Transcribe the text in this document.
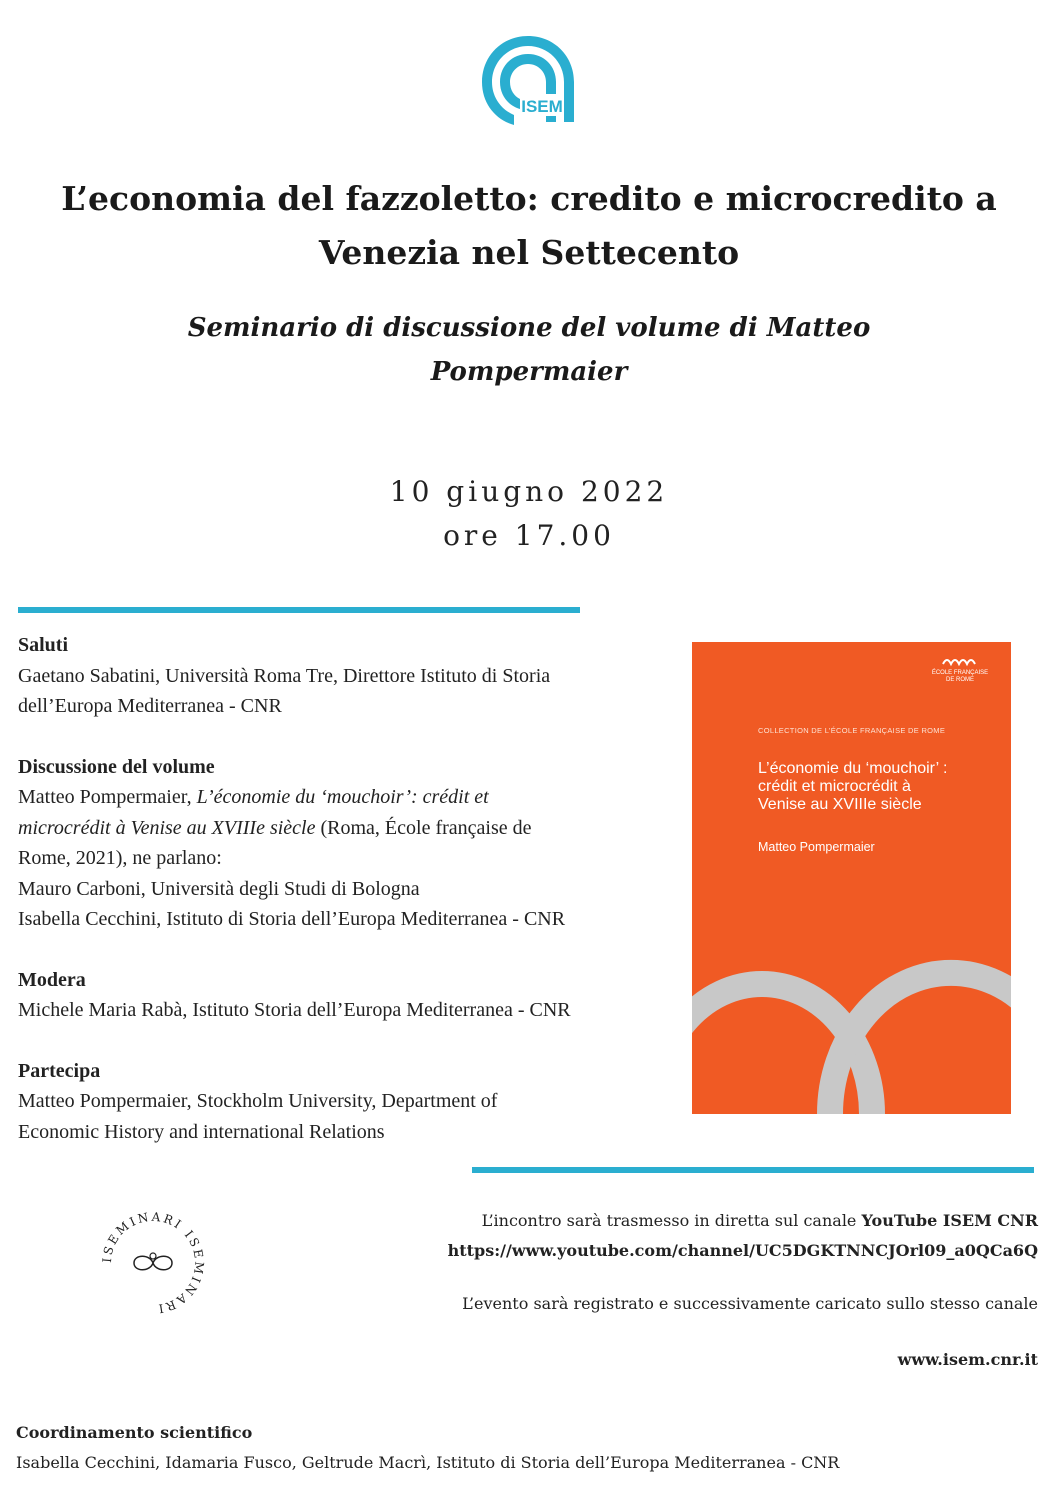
ISEM
L’economia del fazzoletto: credito e microcredito a
Venezia nel Settecento
Seminario di discussione del volume di Matteo
Pompermaier
10 giugno 2022
ore 17.00
Saluti
Gaetano Sabatini, Università Roma Tre, Direttore Istituto di Storia
dell’Europa Mediterranea - CNR
Discussione del volume
Matteo Pompermaier, L’économie du ‘mouchoir’: crédit et
microcrédit à Venise au XVIIIe siècle (Roma, École française de
Rome, 2021), ne parlano:
Mauro Carboni, Università degli Studi di Bologna
Isabella Cecchini, Istituto di Storia dell’Europa Mediterranea - CNR
Modera
Michele Maria Rabà, Istituto Storia dell’Europa Mediterranea - CNR
Partecipa
Matteo Pompermaier, Stockholm University, Department of
Economic History and international Relations
ÉCOLE FRANÇAISE DE ROME
COLLECTION DE L’ÉCOLE FRANÇAISE DE ROME
L’économie du ‘mouchoir’ :
crédit et microcrédit à
Venise au XVIIIe siècle
Matteo Pompermaier
ISEMINARI ISEMINARI
L’incontro sarà trasmesso in diretta sul canale YouTube ISEM CNR
https://www.youtube.com/channel/UC5DGKTNNCJOrl09_a0QCa6Q
L’evento sarà registrato e successivamente caricato sullo stesso canale
www.isem.cnr.it
Coordinamento scientifico
Isabella Cecchini, Idamaria Fusco, Geltrude Macrì, Istituto di Storia dell’Europa Mediterranea - CNR
